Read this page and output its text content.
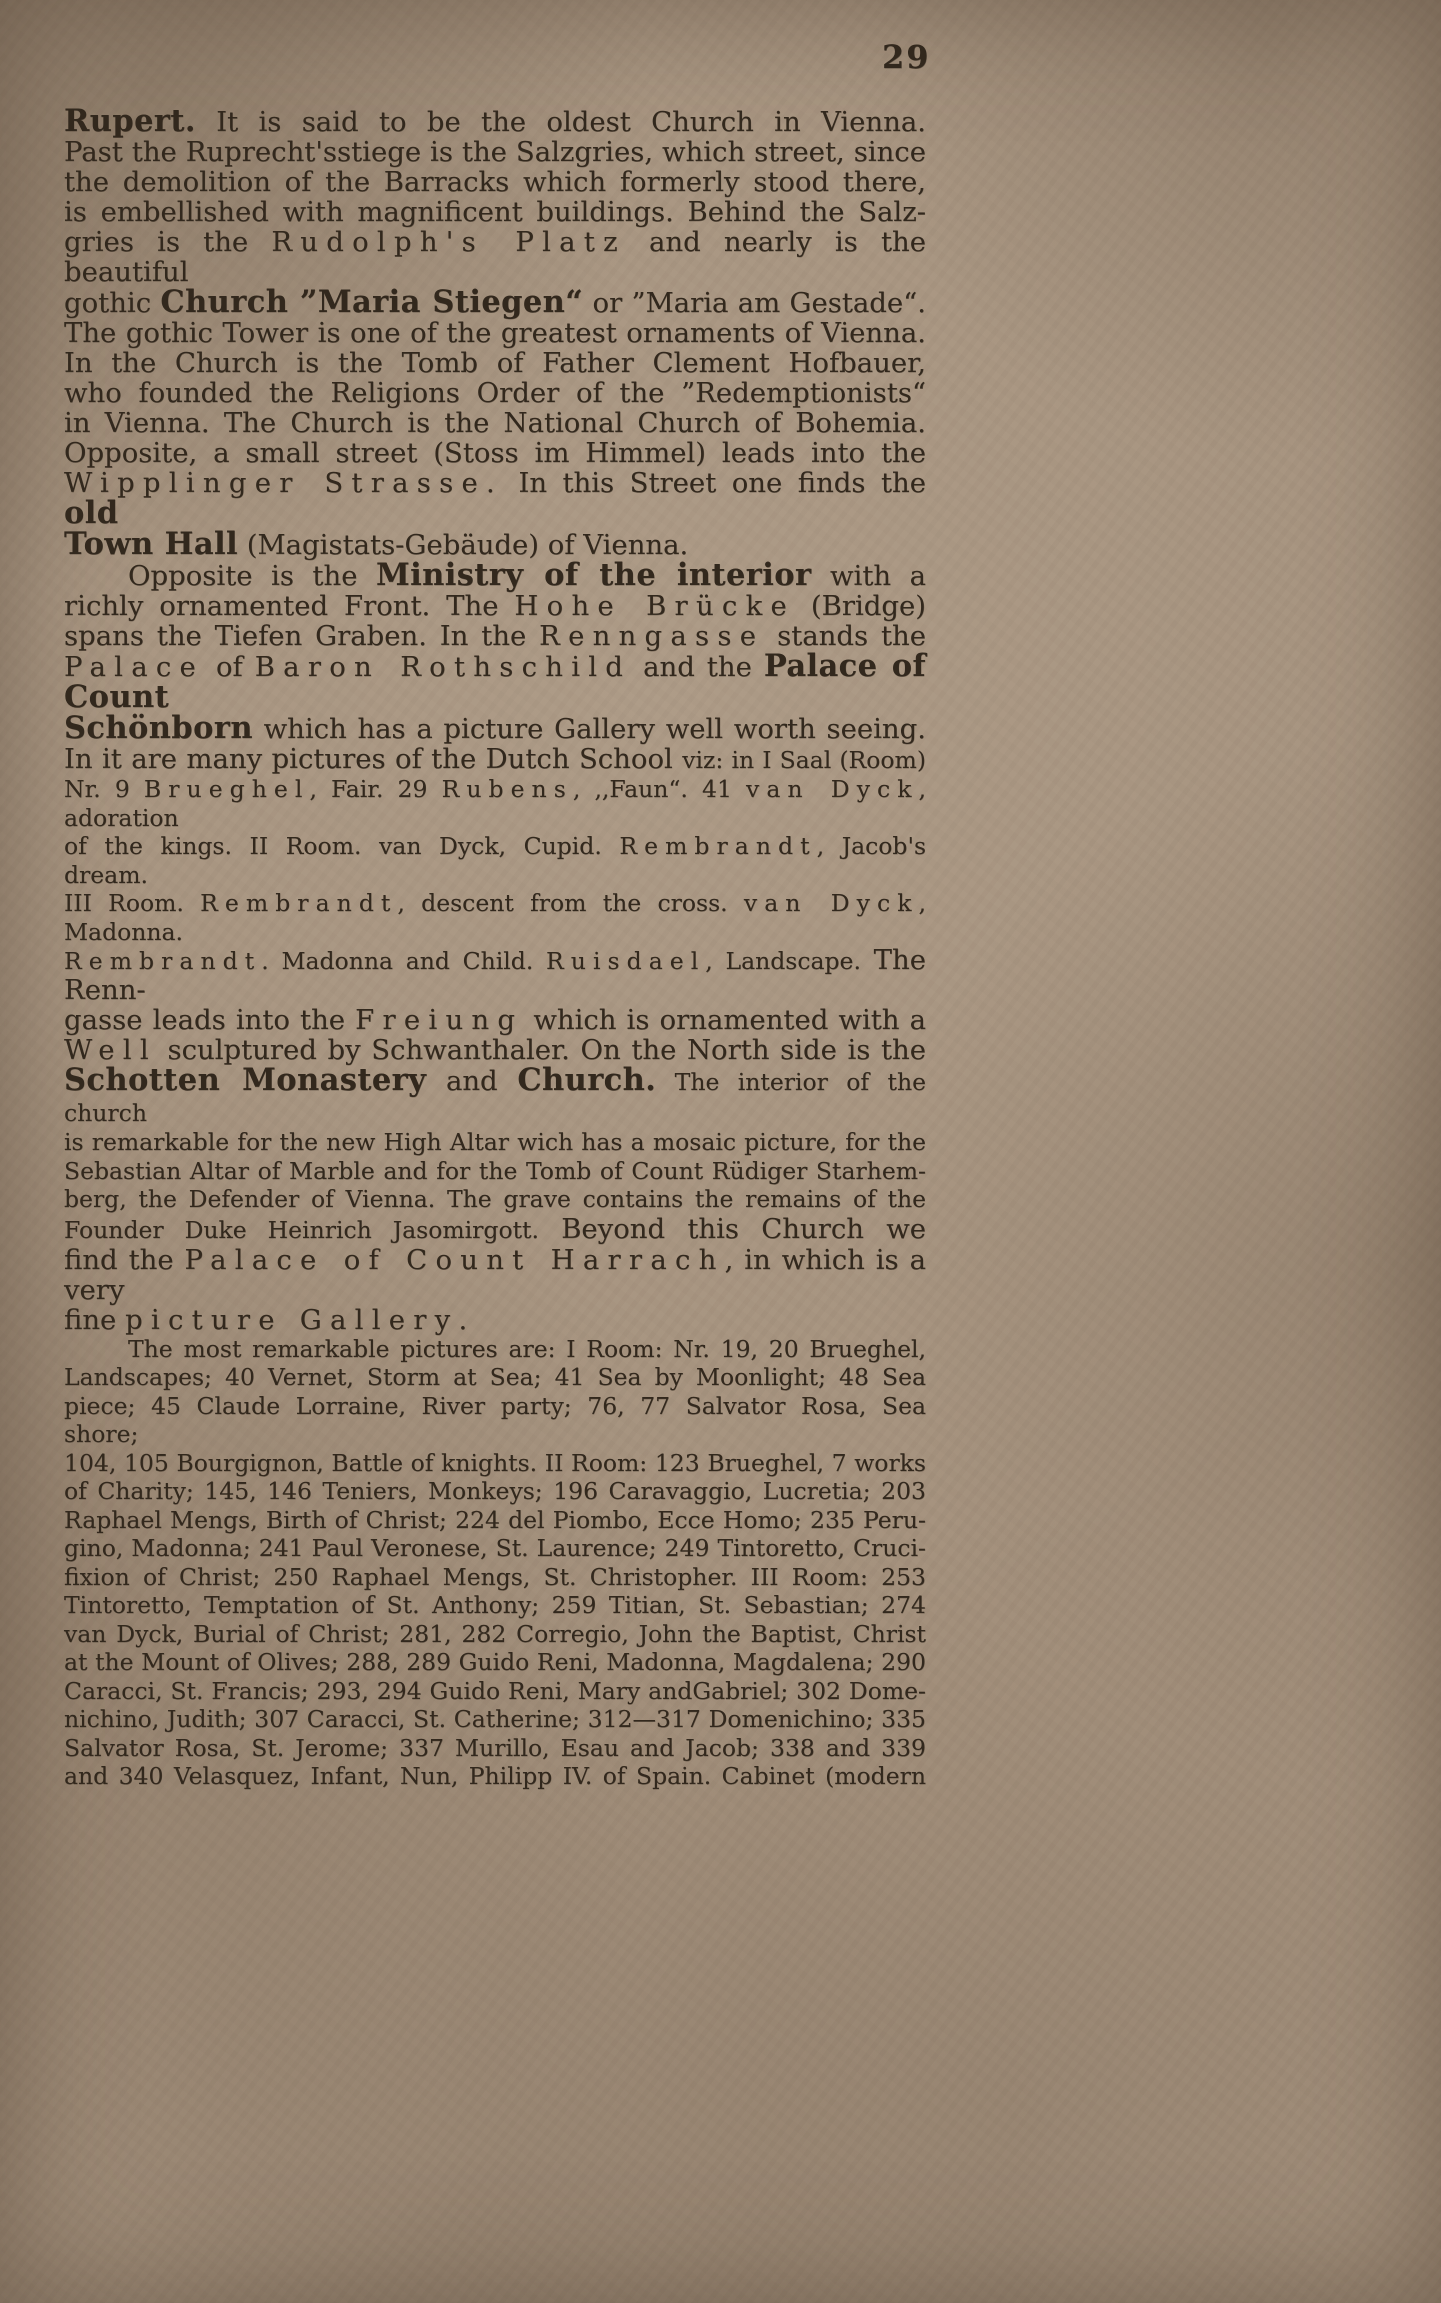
29
Rupert. It is said to be the oldest Church in Vienna.
Past the Ruprecht'sstiege is the Salzgries, which street, since
the demolition of the Barracks which formerly stood there,
is embellished with magnificent buildings. Behind the Salz-
gries is the Rudolph's Platz and nearly is the beautiful
gothic Church ”Maria Stiegen“ or ”Maria am Gestade“.
The gothic Tower is one of the greatest ornaments of Vienna.
In the Church is the Tomb of Father Clement Hofbauer,
who founded the Religions Order of the ”Redemptionists“
in Vienna. The Church is the National Church of Bohemia.
Opposite, a small street (Stoss im Himmel) leads into the
Wipplinger Strasse. In this Street one finds the old
Town Hall (Magistats-Gebäude) of Vienna.
Opposite is the Ministry of the interior with a
richly ornamented Front. The Hohe Brücke (Bridge)
spans the Tiefen Graben. In the Renngasse stands the
Palace of Baron Rothschild and the Palace of Count
Schönborn which has a picture Gallery well worth seeing.
In it are many pictures of the Dutch School viz: in I Saal (Room)
Nr. 9 Brueghel, Fair. 29 Rubens, ,,Faun“. 41 van Dyck, adoration
of the kings. II Room. van Dyck, Cupid. Rembrandt, Jacob's dream.
III Room. Rembrandt, descent from the cross. van Dyck, Madonna.
Rembrandt. Madonna and Child. Ruisdael, Landscape. The Renn-
gasse leads into the Freiung which is ornamented with a
Well sculptured by Schwanthaler. On the North side is the
Schotten Monastery and Church. The interior of the church
is remarkable for the new High Altar wich has a mosaic picture, for the
Sebastian Altar of Marble and for the Tomb of Count Rüdiger Starhem-
berg, the Defender of Vienna. The grave contains the remains of the
Founder Duke Heinrich Jasomirgott. Beyond this Church we
find the Palace of Count Harrach, in which is a very
fine picture Gallery.
The most remarkable pictures are: I Room: Nr. 19, 20 Brueghel,
Landscapes; 40 Vernet, Storm at Sea; 41 Sea by Moonlight; 48 Sea
piece; 45 Claude Lorraine, River party; 76, 77 Salvator Rosa, Sea shore;
104, 105 Bourgignon, Battle of knights. II Room: 123 Brueghel, 7 works
of Charity; 145, 146 Teniers, Monkeys; 196 Caravaggio, Lucretia; 203
Raphael Mengs, Birth of Christ; 224 del Piombo, Ecce Homo; 235 Peru-
gino, Madonna; 241 Paul Veronese, St. Laurence; 249 Tintoretto, Cruci-
fixion of Christ; 250 Raphael Mengs, St. Christopher. III Room: 253
Tintoretto, Temptation of St. Anthony; 259 Titian, St. Sebastian; 274
van Dyck, Burial of Christ; 281, 282 Corregio, John the Baptist, Christ
at the Mount of Olives; 288, 289 Guido Reni, Madonna, Magdalena; 290
Caracci, St. Francis; 293, 294 Guido Reni, Mary andGabriel; 302 Dome-
nichino, Judith; 307 Caracci, St. Catherine; 312—317 Domenichino; 335
Salvator Rosa, St. Jerome; 337 Murillo, Esau and Jacob; 338 and 339
and 340 Velasquez, Infant, Nun, Philipp IV. of Spain. Cabinet (modern
